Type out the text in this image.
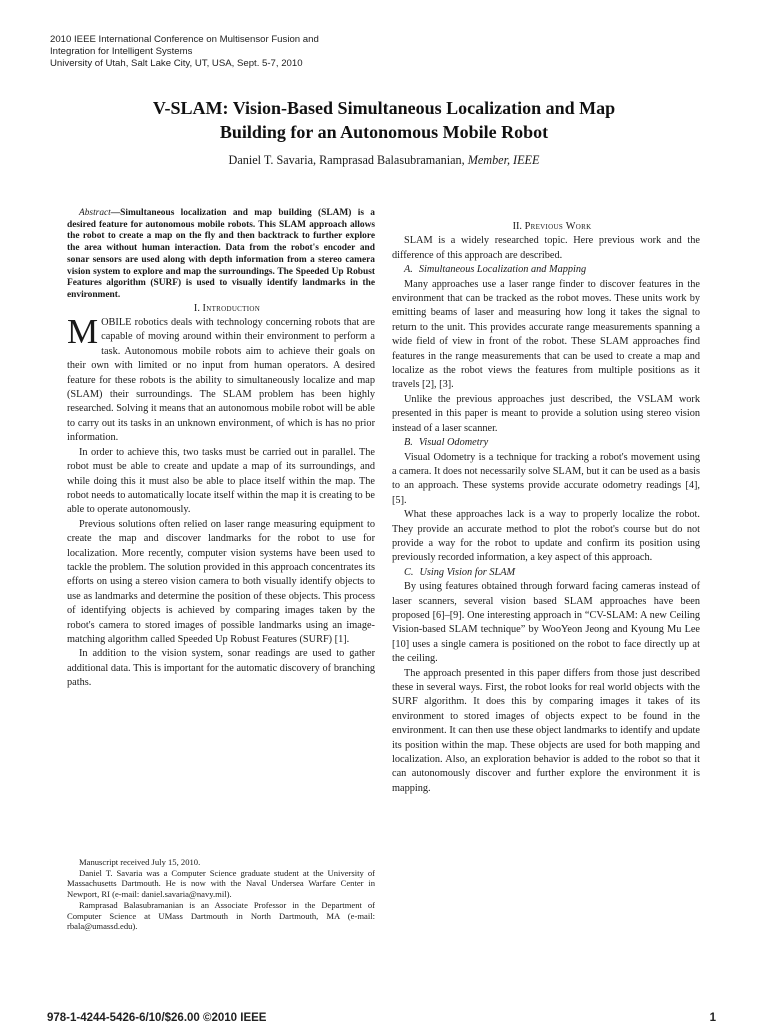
2010 IEEE International Conference on Multisensor Fusion and
Integration for Intelligent Systems
University of Utah, Salt Lake City, UT, USA, Sept. 5-7, 2010
V-SLAM: Vision-Based Simultaneous Localization and Map
Building for an Autonomous Mobile Robot
Daniel T. Savaria, Ramprasad Balasubramanian, Member, IEEE

Abstract—Simultaneous localization and map building (SLAM) is a desired feature for autonomous mobile robots. This SLAM approach allows the robot to create a map on the fly and then backtrack to further explore the area without human interaction. Data from the robot's encoder and sonar sensors are used along with depth information from a stereo camera vision system to explore and map the surroundings. The Speeded Up Robust Features algorithm (SURF) is used to visually identify landmarks in the environment.

I. Introduction

MOBILE robotics deals with technology concerning robots that are capable of moving around within their environment to perform a task. Autonomous mobile robots aim to achieve their goals on their own with limited or no input from human operators. A desired feature for these robots is the ability to simultaneously localize and map (SLAM) their surroundings. The SLAM problem has been highly researched. Solving it means that an autonomous mobile robot will be able to carry out its tasks in an unknown environment, of which is has no prior information.

In order to achieve this, two tasks must be carried out in parallel. The robot must be able to create and update a map of its surroundings, and while doing this it must also be able to place itself within the map. The robot needs to automatically locate itself within the map it is creating to be able to operate autonomously.

Previous solutions often relied on laser range measuring equipment to create the map and discover landmarks for the robot to use for localization. More recently, computer vision systems have been used to tackle the problem. The solution provided in this approach concentrates its efforts on using a stereo vision camera to both visually identify objects to use as landmarks and determine the position of these objects. This process of identifying objects is achieved by comparing images taken by the robot's camera to stored images of possible landmarks using an image-matching algorithm called Speeded Up Robust Features (SURF) [1].

In addition to the vision system, sonar readings are used to gather additional data. This is important for the automatic discovery of branching paths.

Manuscript received July 15, 2010.

Daniel T. Savaria was a Computer Science graduate student at the University of Massachusetts Dartmouth. He is now with the Naval Undersea Warfare Center in Newport, RI (e-mail: daniel.savaria@navy.mil).

Ramprasad Balasubramanian is an Associate Professor in the Department of Computer Science at UMass Dartmouth in North Dartmouth, MA (e-mail: rbala@umassd.edu).

II. Previous Work

SLAM is a widely researched topic. Here previous work and the difference of this approach are described.

A. Simultaneous Localization and Mapping

Many approaches use a laser range finder to discover features in the environment that can be tracked as the robot moves. These units work by emitting beams of laser and measuring how long it takes the signal to return to the unit. This provides accurate range measurements spanning a wide field of view in front of the robot. These SLAM approaches find features in the range measurements that can be used to create a map and localize as the robot views the features from multiple positions as it travels [2], [3].

Unlike the previous approaches just described, the VSLAM work presented in this paper is meant to provide a solution using stereo vision instead of a laser scanner.

B. Visual Odometry

Visual Odometry is a technique for tracking a robot's movement using a camera. It does not necessarily solve SLAM, but it can be used as a basis to an approach. These systems provide accurate odometry readings [4], [5].

What these approaches lack is a way to properly localize the robot. They provide an accurate method to plot the robot's course but do not provide a way for the robot to update and confirm its position using previously recorded information, a key aspect of this approach.

C. Using Vision for SLAM

By using features obtained through forward facing cameras instead of laser scanners, several vision based SLAM approaches have been proposed [6]–[9]. One interesting approach in “CV-SLAM: A new Ceiling Vision-based SLAM technique” by WooYeon Jeong and Kyoung Mu Lee [10] uses a single camera is positioned on the robot to face directly up at the ceiling.

The approach presented in this paper differs from those just described these in several ways. First, the robot looks for real world objects with the SURF algorithm. It does this by comparing images it takes of its environment to stored images of objects expect to be found in the environment. It can then use these object landmarks to identify and update its position within the map. These objects are used for both mapping and localization. Also, an exploration behavior is added to the robot so that it can autonomously discover and further explore the environment it is mapping.

978-1-4244-5426-6/10/$26.00 ©2010 IEEE	1
